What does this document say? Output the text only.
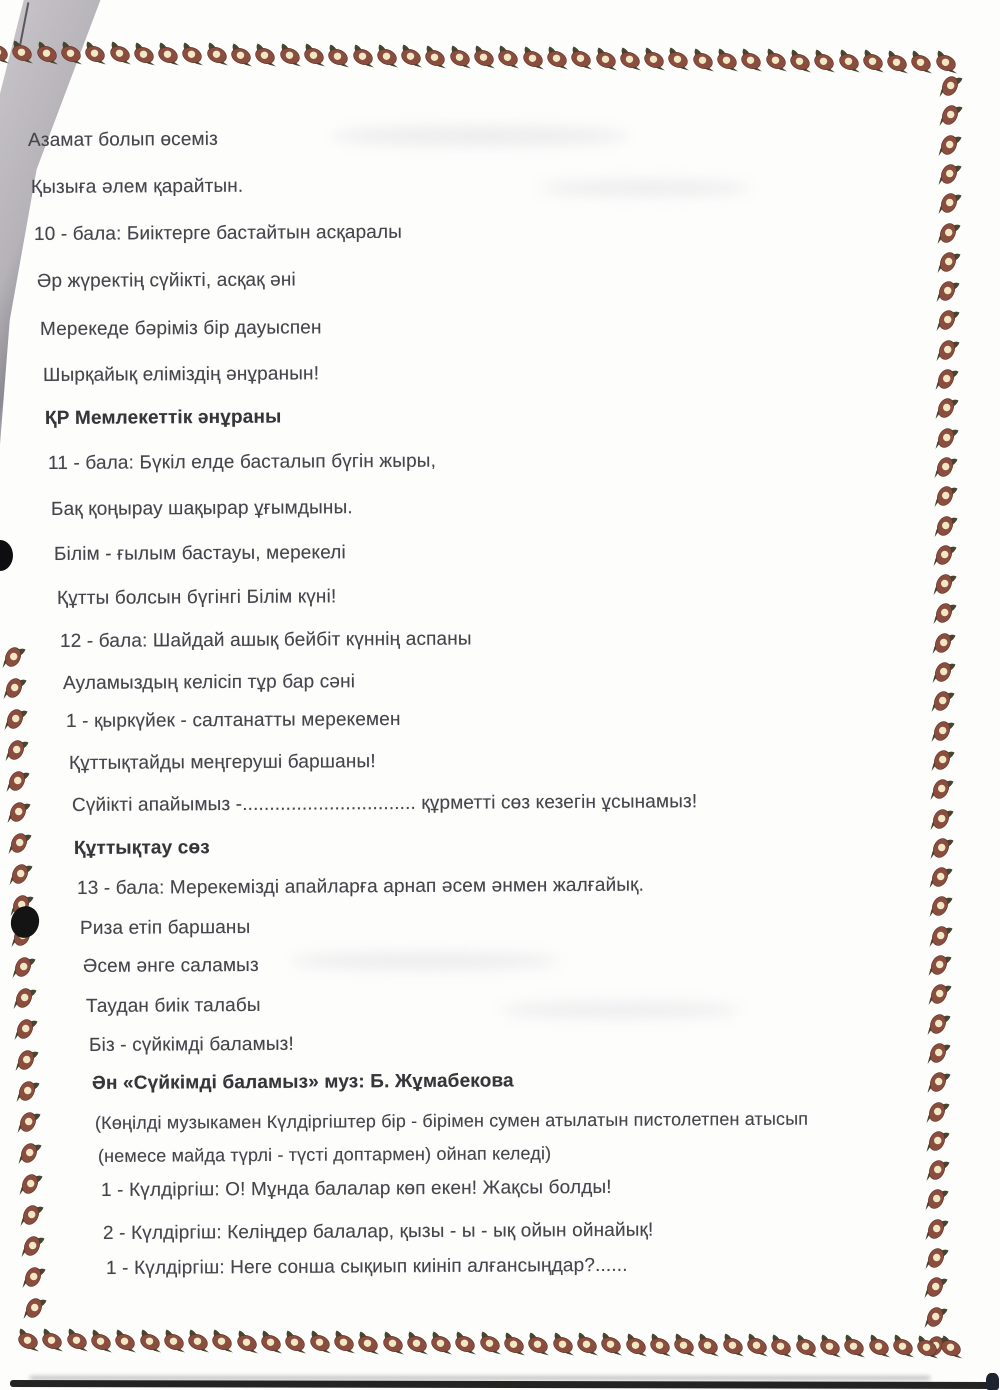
Азамат болып өсеміз
Қызыға әлем қарайтын.
10 - бала: Биіктерге бастайтын асқаралы
Әр жүректің сүйікті, асқақ әні
Мерекеде бәріміз бір дауыспен
Шырқайық еліміздің әнұранын!
ҚР Мемлекеттік әнұраны
11 - бала: Бүкіл елде басталып бүгін жыры,
Бақ қоңырау шақырар ұғымдыны.
Білім - ғылым бастауы, мерекелі
Құтты болсын бүгінгі Білім күні!
12 - бала: Шайдай ашық бейбіт күннің аспаны
Ауламыздың келісіп тұр бар сәні
1 - қыркүйек - салтанатты мерекемен
Құттықтайды меңгеруші баршаны!
Сүйікті апайымыз -................................ құрметті сөз кезегін ұсынамыз!
Құттықтау сөз
13 - бала: Мерекемізді апайларға арнап әсем әнмен жалғайық.
Риза етіп баршаны
Әсем әнге саламыз
Таудан биік талабы
Біз - сүйкімді баламыз!
Ән «Сүйкімді баламыз» муз: Б. Жұмабекова
(Көңілді музыкамен Күлдіргіштер бір - бірімен сумен атылатын пистолетпен атысып
(немесе майда түрлі - түсті доптармен) ойнап келеді)
1 - Күлдіргіш: О! Мұнда балалар көп екен! Жақсы болды!
2 - Күлдіргіш: Келіңдер балалар, қызы - ы - ық ойын ойнайық!
1 - Күлдіргіш: Неге сонша сықиып киініп алғансыңдар?......
